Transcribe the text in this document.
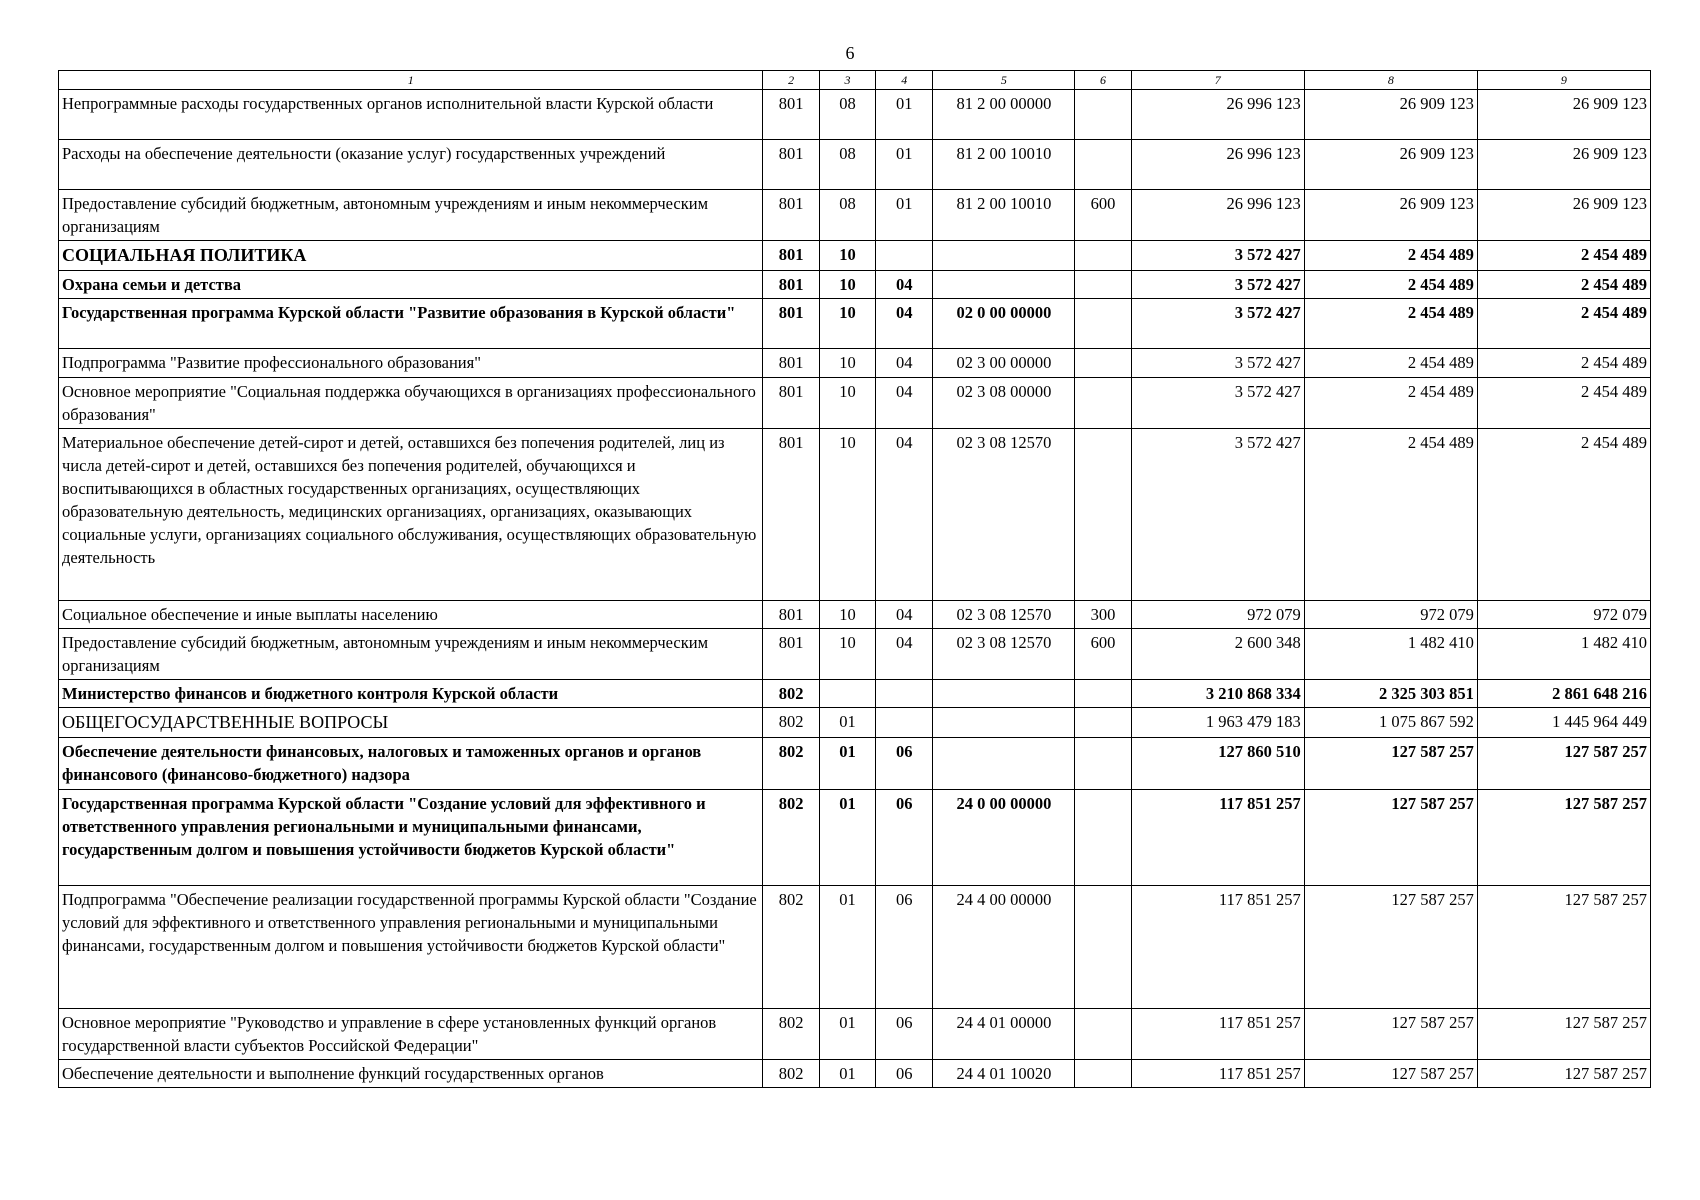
6
1	2	3	4	5	6	7	8	9
Непрограммные расходы государственных органов исполнительной власти Курской области	801	08	01	81 2 00 00000		26 996 123	26 909 123	26 909 123
Расходы на обеспечение деятельности (оказание услуг) государственных учреждений	801	08	01	81 2 00 10010		26 996 123	26 909 123	26 909 123
Предоставление субсидий бюджетным, автономным учреждениям и иным некоммерческим организациям	801	08	01	81 2 00 10010	600	26 996 123	26 909 123	26 909 123
СОЦИАЛЬНАЯ ПОЛИТИКА	801	10				3 572 427	2 454 489	2 454 489
Охрана семьи и детства	801	10	04			3 572 427	2 454 489	2 454 489
Государственная программа Курской области "Развитие образования в Курской области"	801	10	04	02 0 00 00000		3 572 427	2 454 489	2 454 489
Подпрограмма "Развитие профессионального образования"	801	10	04	02 3 00 00000		3 572 427	2 454 489	2 454 489
Основное мероприятие "Социальная поддержка обучающихся в организациях профессионального образования"	801	10	04	02 3 08 00000		3 572 427	2 454 489	2 454 489
Материальное обеспечение детей-сирот и детей, оставшихся без попечения родителей, лиц из числа детей-сирот и детей, оставшихся без попечения родителей, обучающихся и воспитывающихся в областных государственных организациях, осуществляющих образовательную деятельность, медицинских организациях, организациях, оказывающих социальные услуги, организациях социального обслуживания, осуществляющих образовательную деятельность	801	10	04	02 3 08 12570		3 572 427	2 454 489	2 454 489
Социальное обеспечение и иные выплаты населению	801	10	04	02 3 08 12570	300	972 079	972 079	972 079
Предоставление субсидий бюджетным, автономным учреждениям и иным некоммерческим организациям	801	10	04	02 3 08 12570	600	2 600 348	1 482 410	1 482 410
Министерство финансов и бюджетного контроля Курской области	802					3 210 868 334	2 325 303 851	2 861 648 216
ОБЩЕГОСУДАРСТВЕННЫЕ ВОПРОСЫ	802	01				1 963 479 183	1 075 867 592	1 445 964 449
Обеспечение деятельности финансовых, налоговых и таможенных органов и органов финансового (финансово-бюджетного) надзора	802	01	06			127 860 510	127 587 257	127 587 257
Государственная программа Курской области "Создание условий для эффективного и ответственного управления региональными и муниципальными финансами, государственным долгом и повышения устойчивости бюджетов Курской области"	802	01	06	24 0 00 00000		117 851 257	127 587 257	127 587 257
Подпрограмма "Обеспечение реализации государственной программы Курской области "Создание условий для эффективного и ответственного управления региональными и муниципальными финансами, государственным долгом и повышения устойчивости бюджетов Курской области"	802	01	06	24 4 00 00000		117 851 257	127 587 257	127 587 257
Основное мероприятие "Руководство и управление в сфере установленных функций органов государственной власти субъектов Российской Федерации"	802	01	06	24 4 01 00000		117 851 257	127 587 257	127 587 257
Обеспечение деятельности и выполнение функций государственных органов	802	01	06	24 4 01 10020		117 851 257	127 587 257	127 587 257
